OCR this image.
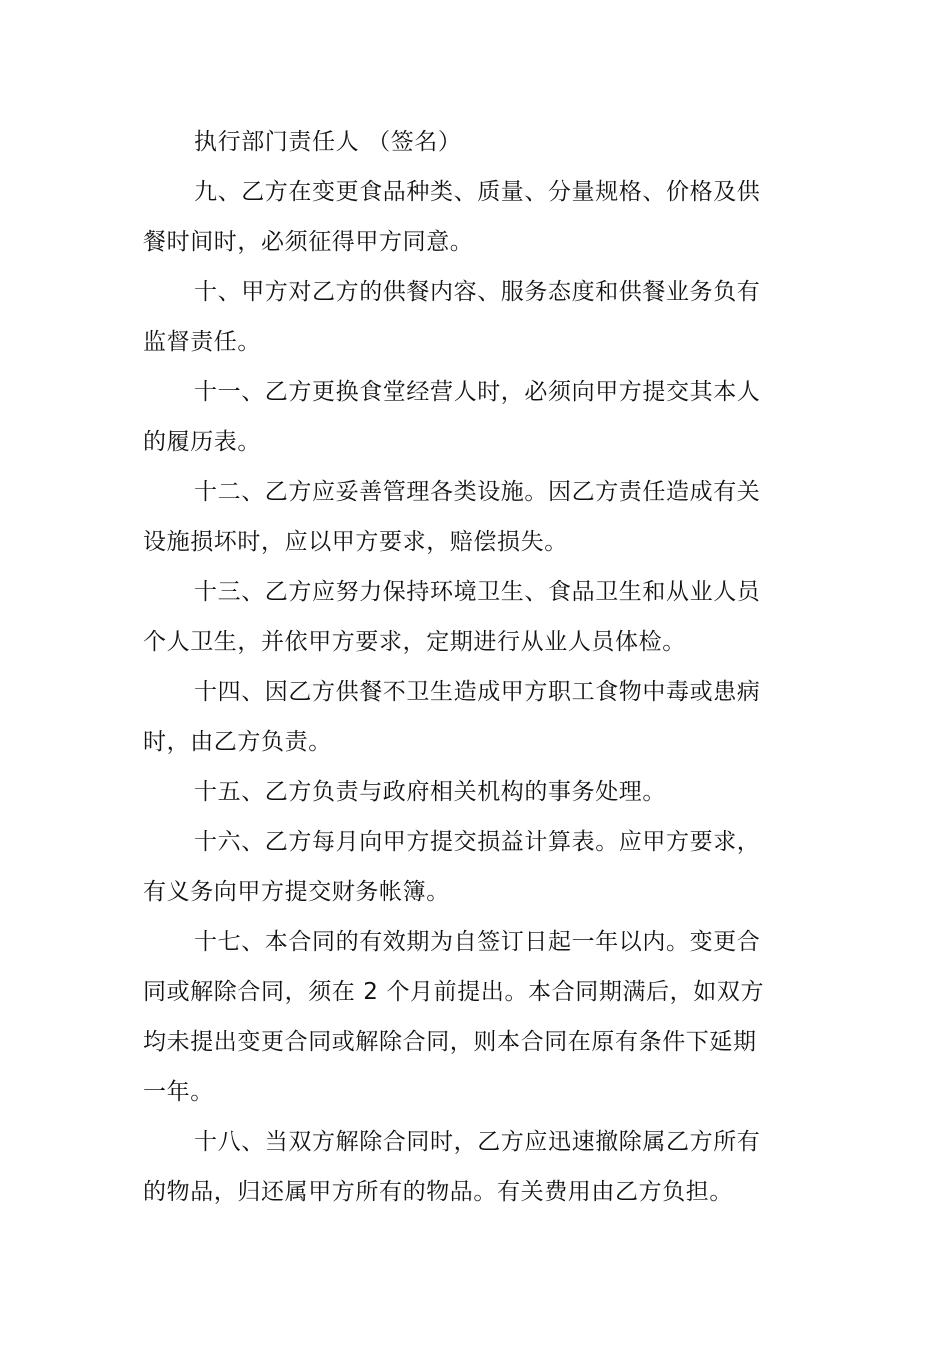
执行部门责任人 （签名）
九、乙方在变更食品种类、质量、分量规格、价格及供
餐时间时，必须征得甲方同意。
十、甲方对乙方的供餐内容、服务态度和供餐业务负有
监督责任。
十一、乙方更换食堂经营人时，必须向甲方提交其本人
的履历表。
十二、乙方应妥善管理各类设施。因乙方责任造成有关
设施损坏时，应以甲方要求，赔偿损失。
十三、乙方应努力保持环境卫生、食品卫生和从业人员
个人卫生，并依甲方要求，定期进行从业人员体检。
十四、因乙方供餐不卫生造成甲方职工食物中毒或患病
时，由乙方负责。
十五、乙方负责与政府相关机构的事务处理。
十六、乙方每月向甲方提交损益计算表。应甲方要求，
有义务向甲方提交财务帐簿。
十七、本合同的有效期为自签订日起一年以内。变更合
同或解除合同，须在 2 个月前提出。本合同期满后，如双方
均未提出变更合同或解除合同，则本合同在原有条件下延期
一年。
十八、当双方解除合同时，乙方应迅速撤除属乙方所有
的物品，归还属甲方所有的物品。有关费用由乙方负担。
